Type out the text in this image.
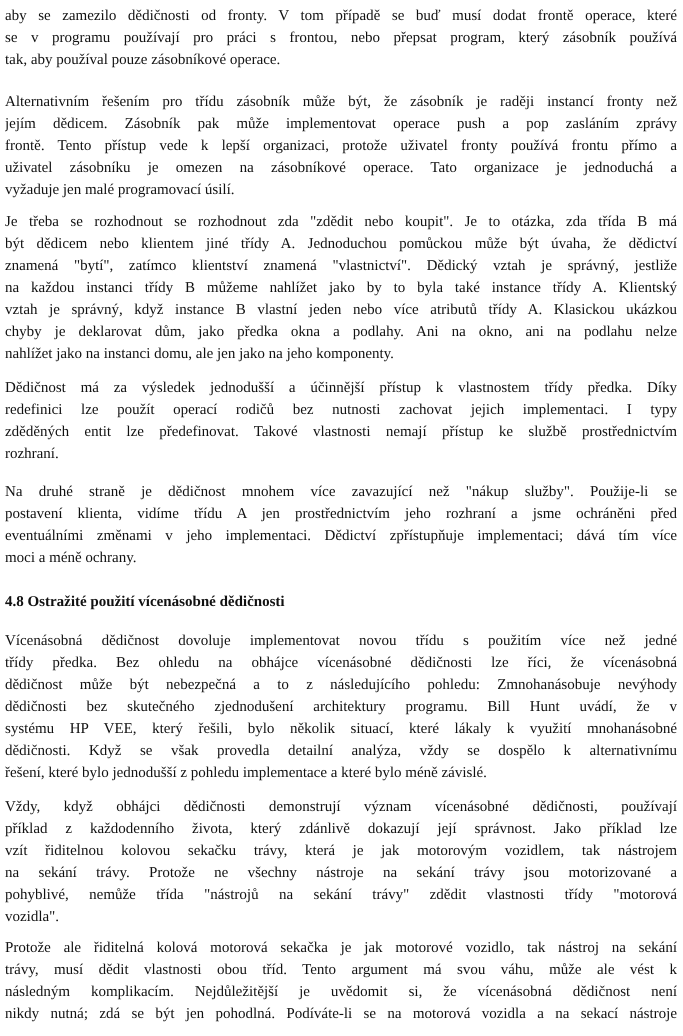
aby se zamezilo dědičnosti od fronty. V tom případě se buď musí dodat frontě operace, které
se v programu používají pro práci s frontou, nebo přepsat program, který zásobník používá
tak, aby používal pouze zásobníkové operace.
Alternativním řešením pro třídu zásobník může být, že zásobník je raději instancí fronty než
jejím dědicem. Zásobník pak může implementovat operace push a pop zasláním zprávy
frontě. Tento přístup vede k lepší organizaci, protože uživatel fronty používá frontu přímo a
uživatel zásobníku je omezen na zásobníkové operace. Tato organizace je jednoduchá a
vyžaduje jen malé programovací úsilí.
Je třeba se rozhodnout se rozhodnout zda "zdědit nebo koupit". Je to otázka, zda třída B má
být dědicem nebo klientem jiné třídy A. Jednoduchou pomůckou může být úvaha, že dědictví
znamená "bytí", zatímco klientství znamená "vlastnictví". Dědický vztah je správný, jestliže
na každou instanci třídy B můžeme nahlížet jako by to byla také instance třídy A. Klientský
vztah je správný, když instance B vlastní jeden nebo více atributů třídy A. Klasickou ukázkou
chyby je deklarovat dům, jako předka okna a podlahy. Ani na okno, ani na podlahu nelze
nahlížet jako na instanci domu, ale jen jako na jeho komponenty.
Dědičnost má za výsledek jednodušší a účinnější přístup k vlastnostem třídy předka. Díky
redefinici lze použít operací rodičů bez nutnosti zachovat jejich implementaci. I typy
zděděných entit lze předefinovat. Takové vlastnosti nemají přístup ke službě prostřednictvím
rozhraní.
Na druhé straně je dědičnost mnohem více zavazující než "nákup služby". Použije-li se
postavení klienta, vidíme třídu A jen prostřednictvím jeho rozhraní a jsme ochráněni před
eventuálními změnami v jeho implementaci. Dědictví zpřístupňuje implementaci; dává tím více
moci a méně ochrany.
4.8 Ostražité použití vícenásobné dědičnosti
Vícenásobná dědičnost dovoluje implementovat novou třídu s použitím více než jedné
třídy předka. Bez ohledu na obhájce vícenásobné dědičnosti lze říci, že vícenásobná
dědičnost může být nebezpečná a to z následujícího pohledu: Zmnohanásobuje nevýhody
dědičnosti bez skutečného zjednodušení architektury programu. Bill Hunt uvádí, že v
systému HP VEE, který řešili, bylo několik situací, které lákaly k využití mnohanásobné
dědičnosti. Když se však provedla detailní analýza, vždy se dospělo k alternativnímu
řešení, které bylo jednodušší z pohledu implementace a které bylo méně závislé.
Vždy, když obhájci dědičnosti demonstrují význam vícenásobné dědičnosti, používají
příklad z každodenního života, který zdánlivě dokazují její správnost. Jako příklad lze
vzít řiditelnou kolovou sekačku trávy, která je jak motorovým vozidlem, tak nástrojem
na sekání trávy. Protože ne všechny nástroje na sekání trávy jsou motorizované a
pohyblivé, nemůže třída "nástrojů na sekání trávy" zdědit vlastnosti třídy "motorová
vozidla".
Protože ale řiditelná kolová motorová sekačka je jak motorové vozidlo, tak nástroj na sekání
trávy, musí dědit vlastnosti obou tříd. Tento argument má svou váhu, může ale vést k
následným komplikacím. Nejdůležitější je uvědomit si, že vícenásobná dědičnost není
nikdy nutná; zdá se být jen pohodlná. Podíváte-li se na motorová vozidla a na sekací nástroje
